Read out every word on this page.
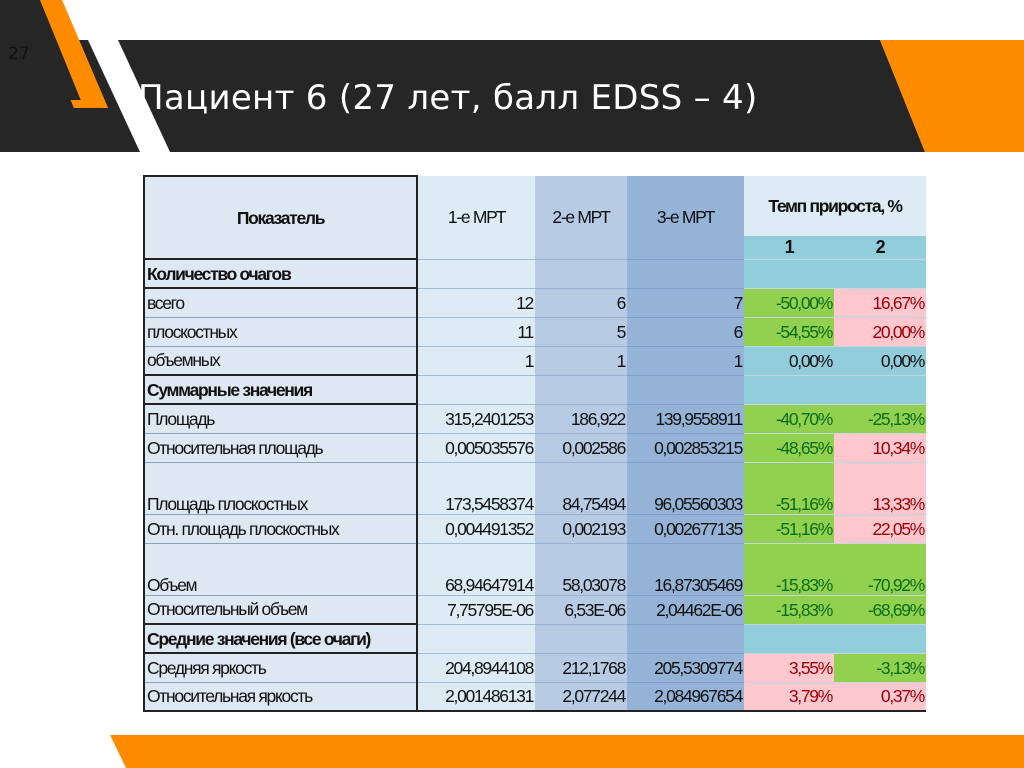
27
Пациент 6 (27 лет, балл EDSS – 4)
Показатель	1-е МРТ	2-е МРТ	3-е МРТ	Темп прироста, %	
				1	2
Количество очагов					
всего	12	6	7	-50,00%	16,67%
плоскостных	11	5	6	-54,55%	20,00%
объемных	1	1	1	0,00%	0,00%
Суммарные значения					
Площадь	315,2401253	186,922	139,9558911	-40,70%	-25,13%
Относительная площадь	0,005035576	0,002586	0,002853215	-48,65%	10,34%
Площадь плоскостных	173,5458374	84,75494	96,05560303	-51,16%	13,33%
Отн. площадь плоскостных	0,004491352	0,002193	0,002677135	-51,16%	22,05%
Объем	68,94647914	58,03078	16,87305469	-15,83%	-70,92%
Относительный объем	7,75795E-06	6,53E-06	2,04462E-06	-15,83%	-68,69%
Средние значения (все очаги)					
Средняя яркость	204,8944108	212,1768	205,5309774	3,55%	-3,13%
Относительная яркость	2,001486131	2,077244	2,084967654	3,79%	0,37%
